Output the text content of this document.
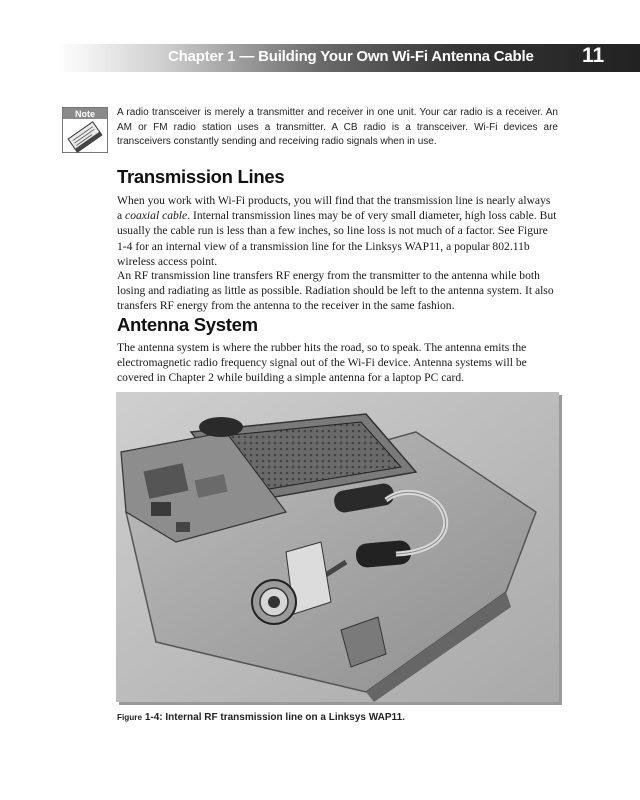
Chapter 1 — Building Your Own Wi-Fi Antenna Cable 11
Note A radio transceiver is merely a transmitter and receiver in one unit. Your car radio is a receiver. An AM or FM radio station uses a transmitter. A CB radio is a transceiver. Wi-Fi devices are transceivers constantly sending and receiving radio signals when in use.
Transmission Lines

When you work with Wi-Fi products, you will find that the transmission line is nearly always a coaxial cable. Internal transmission lines may be of very small diameter, high loss cable. But usually the cable run is less than a few inches, so line loss is not much of a factor. See Figure 1-4 for an internal view of a transmission line for the Linksys WAP11, a popular 802.11b wireless access point.

An RF transmission line transfers RF energy from the transmitter to the antenna while both losing and radiating as little as possible. Radiation should be left to the antenna system. It also transfers RF energy from the antenna to the receiver in the same fashion.

Antenna System

The antenna system is where the rubber hits the road, so to speak. The antenna emits the electromagnetic radio frequency signal out of the Wi-Fi device. Antenna systems will be covered in Chapter 2 while building a simple antenna for a laptop PC card.

Figure 1-4: Internal RF transmission line on a Linksys WAP11.
